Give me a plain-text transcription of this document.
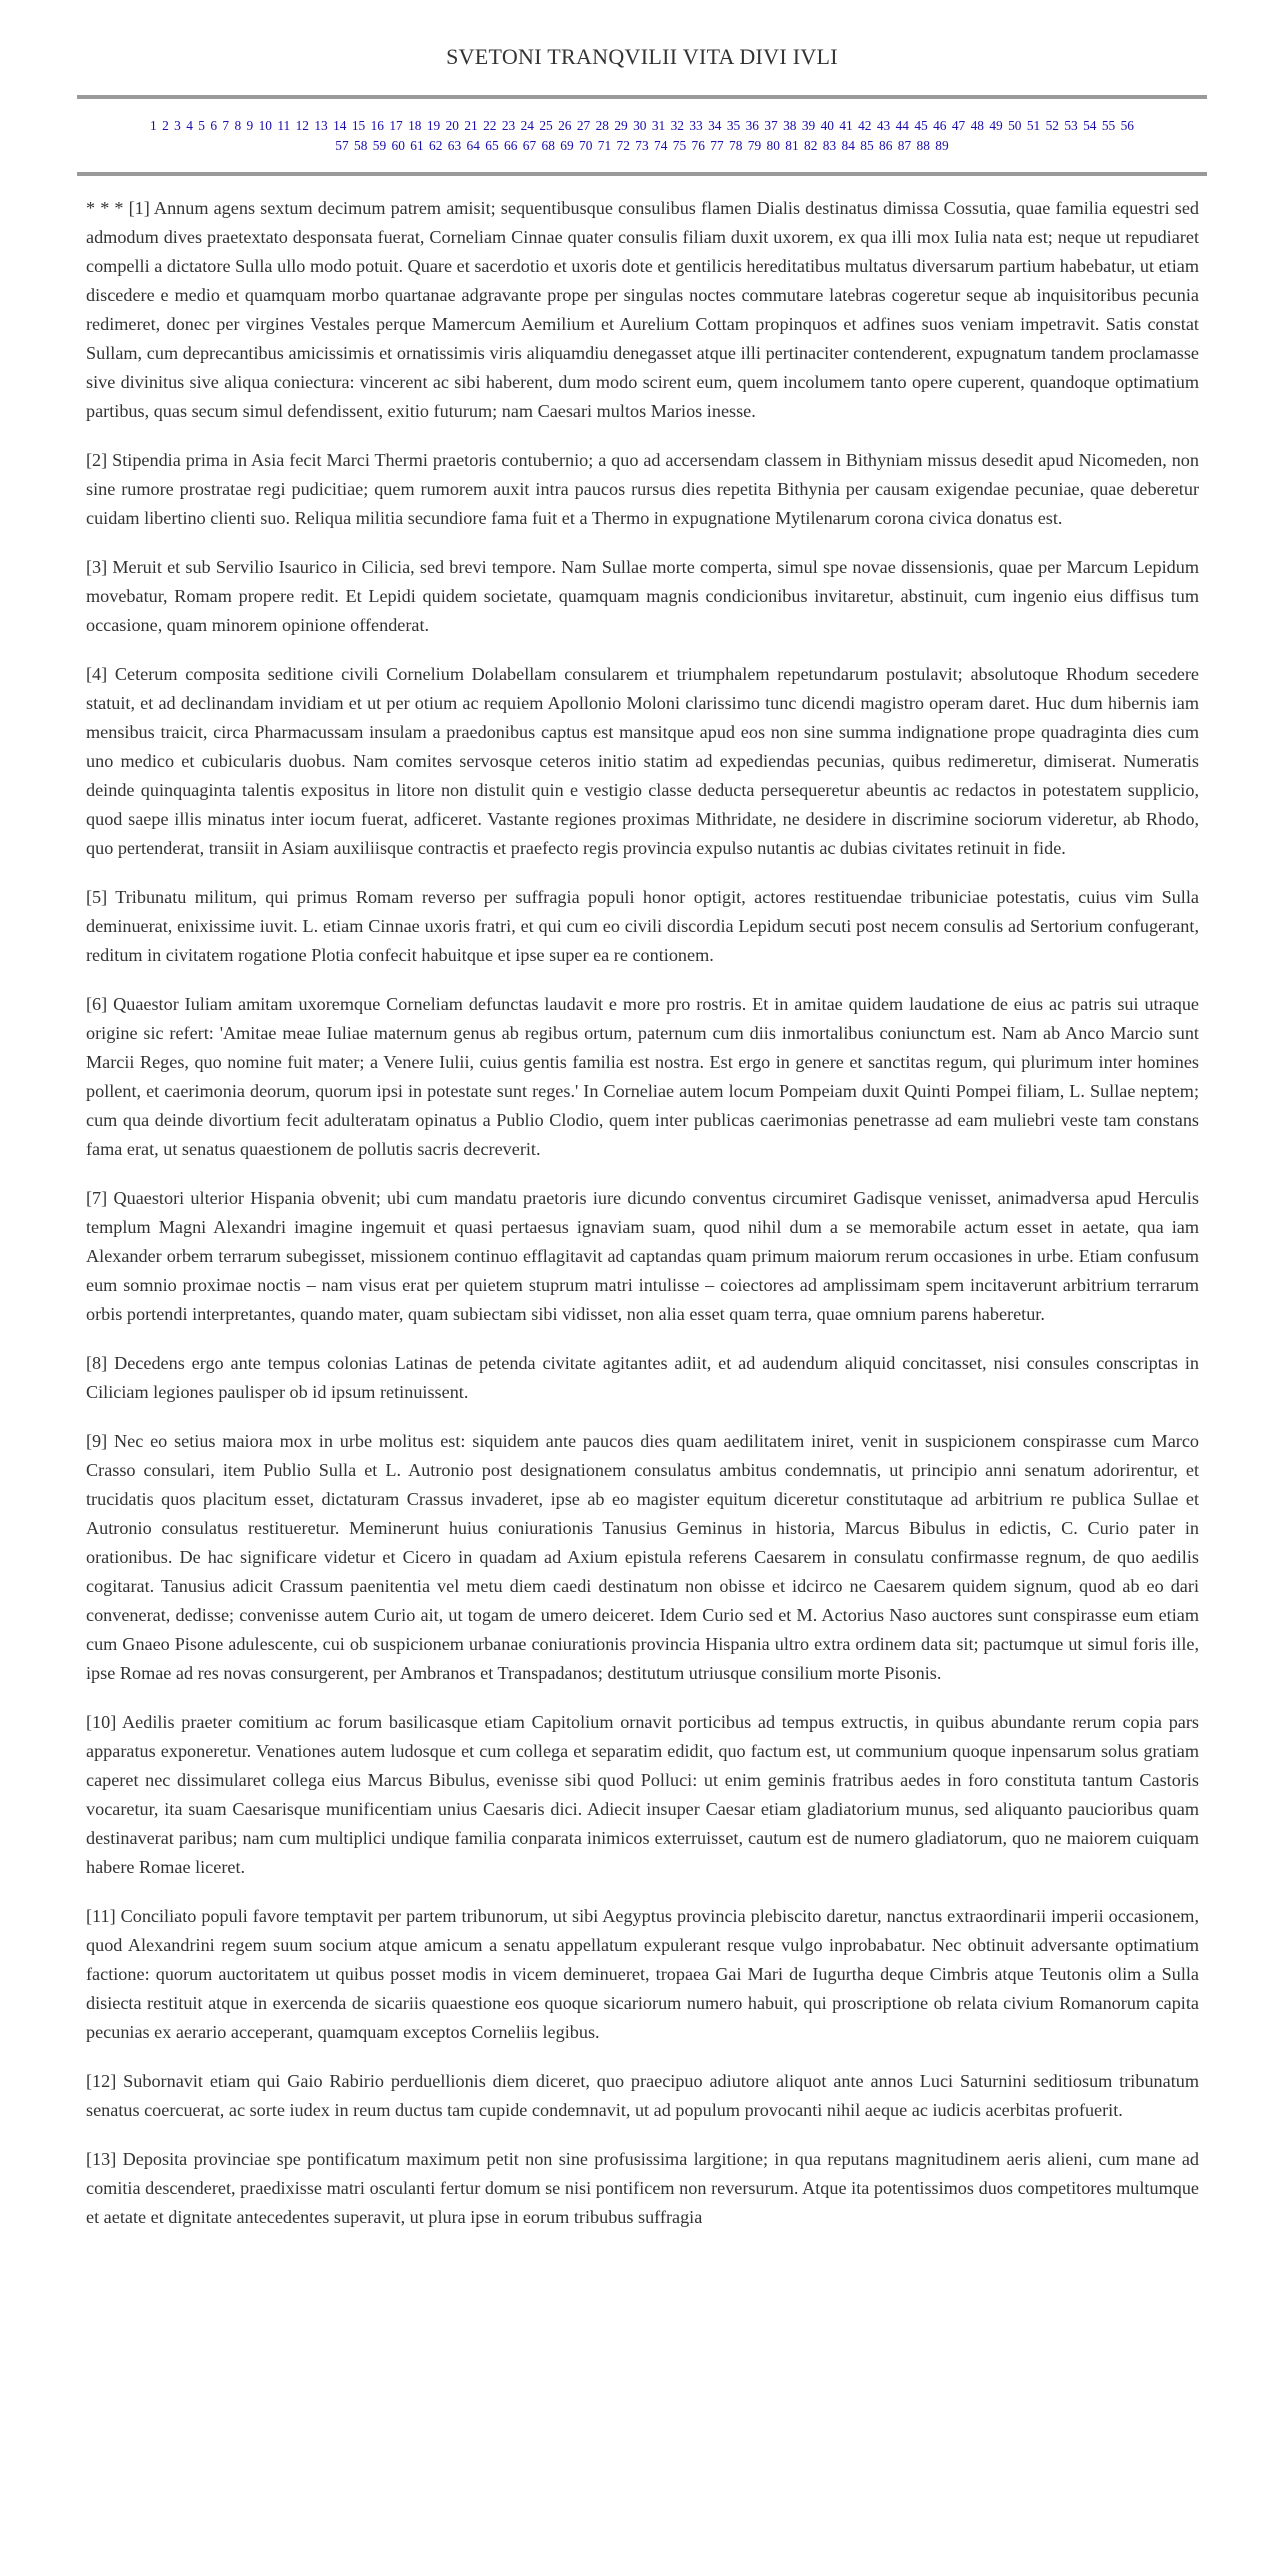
SVETONI TRANQVILII VITA DIVI IVLI
1 2 3 4 5 6 7 8 9 10 11 12 13 14 15 16 17 18 19 20 21 22 23 24 25 26 27 28 29 30 31 32 33 34 35 36 37 38 39 40 41 42 43 44 45 46 47 48 49 50 51 52 53 54 55 56
57 58 59 60 61 62 63 64 65 66 67 68 69 70 71 72 73 74 75 76 77 78 79 80 81 82 83 84 85 86 87 88 89

* * * [1] Annum agens sextum decimum patrem amisit; sequentibusque consulibus flamen Dialis destinatus dimissa Cossutia, quae familia equestri sed admodum dives praetextato desponsata fuerat, Corneliam Cinnae quater consulis filiam duxit uxorem, ex qua illi mox Iulia nata est; neque ut repudiaret compelli a dictatore Sulla ullo modo potuit. Quare et sacerdotio et uxoris dote et gentilicis hereditatibus multatus diversarum partium habebatur, ut etiam discedere e medio et quamquam morbo quartanae adgravante prope per singulas noctes commutare latebras cogeretur seque ab inquisitoribus pecunia redimeret, donec per virgines Vestales perque Mamercum Aemilium et Aurelium Cottam propinquos et adfines suos veniam impetravit. Satis constat Sullam, cum deprecantibus amicissimis et ornatissimis viris aliquamdiu denegasset atque illi pertinaciter contenderent, expugnatum tandem proclamasse sive divinitus sive aliqua coniectura: vincerent ac sibi haberent, dum modo scirent eum, quem incolumem tanto opere cuperent, quandoque optimatium partibus, quas secum simul defendissent, exitio futurum; nam Caesari multos Marios inesse.

[2] Stipendia prima in Asia fecit Marci Thermi praetoris contubernio; a quo ad accersendam classem in Bithyniam missus desedit apud Nicomeden, non sine rumore prostratae regi pudicitiae; quem rumorem auxit intra paucos rursus dies repetita Bithynia per causam exigendae pecuniae, quae deberetur cuidam libertino clienti suo. Reliqua militia secundiore fama fuit et a Thermo in expugnatione Mytilenarum corona civica donatus est.

[3] Meruit et sub Servilio Isaurico in Cilicia, sed brevi tempore. Nam Sullae morte comperta, simul spe novae dissensionis, quae per Marcum Lepidum movebatur, Romam propere redit. Et Lepidi quidem societate, quamquam magnis condicionibus invitaretur, abstinuit, cum ingenio eius diffisus tum occasione, quam minorem opinione offenderat.

[4] Ceterum composita seditione civili Cornelium Dolabellam consularem et triumphalem repetundarum postulavit; absolutoque Rhodum secedere statuit, et ad declinandam invidiam et ut per otium ac requiem Apollonio Moloni clarissimo tunc dicendi magistro operam daret. Huc dum hibernis iam mensibus traicit, circa Pharmacussam insulam a praedonibus captus est mansitque apud eos non sine summa indignatione prope quadraginta dies cum uno medico et cubicularis duobus. Nam comites servosque ceteros initio statim ad expediendas pecunias, quibus redimeretur, dimiserat. Numeratis deinde quinquaginta talentis expositus in litore non distulit quin e vestigio classe deducta persequeretur abeuntis ac redactos in potestatem supplicio, quod saepe illis minatus inter iocum fuerat, adficeret. Vastante regiones proximas Mithridate, ne desidere in discrimine sociorum videretur, ab Rhodo, quo pertenderat, transiit in Asiam auxiliisque contractis et praefecto regis provincia expulso nutantis ac dubias civitates retinuit in fide.

[5] Tribunatu militum, qui primus Romam reverso per suffragia populi honor optigit, actores restituendae tribuniciae potestatis, cuius vim Sulla deminuerat, enixissime iuvit. L. etiam Cinnae uxoris fratri, et qui cum eo civili discordia Lepidum secuti post necem consulis ad Sertorium confugerant, reditum in civitatem rogatione Plotia confecit habuitque et ipse super ea re contionem.

[6] Quaestor Iuliam amitam uxoremque Corneliam defunctas laudavit e more pro rostris. Et in amitae quidem laudatione de eius ac patris sui utraque origine sic refert: 'Amitae meae Iuliae maternum genus ab regibus ortum, paternum cum diis inmortalibus coniunctum est. Nam ab Anco Marcio sunt Marcii Reges, quo nomine fuit mater; a Venere Iulii, cuius gentis familia est nostra. Est ergo in genere et sanctitas regum, qui plurimum inter homines pollent, et caerimonia deorum, quorum ipsi in potestate sunt reges.' In Corneliae autem locum Pompeiam duxit Quinti Pompei filiam, L. Sullae neptem; cum qua deinde divortium fecit adulteratam opinatus a Publio Clodio, quem inter publicas caerimonias penetrasse ad eam muliebri veste tam constans fama erat, ut senatus quaestionem de pollutis sacris decreverit.

[7] Quaestori ulterior Hispania obvenit; ubi cum mandatu praetoris iure dicundo conventus circumiret Gadisque venisset, animadversa apud Herculis templum Magni Alexandri imagine ingemuit et quasi pertaesus ignaviam suam, quod nihil dum a se memorabile actum esset in aetate, qua iam Alexander orbem terrarum subegisset, missionem continuo efflagitavit ad captandas quam primum maiorum rerum occasiones in urbe. Etiam confusum eum somnio proximae noctis – nam visus erat per quietem stuprum matri intulisse – coiectores ad amplissimam spem incitaverunt arbitrium terrarum orbis portendi interpretantes, quando mater, quam subiectam sibi vidisset, non alia esset quam terra, quae omnium parens haberetur.

[8] Decedens ergo ante tempus colonias Latinas de petenda civitate agitantes adiit, et ad audendum aliquid concitasset, nisi consules conscriptas in Ciliciam legiones paulisper ob id ipsum retinuissent.

[9] Nec eo setius maiora mox in urbe molitus est: siquidem ante paucos dies quam aedilitatem iniret, venit in suspicionem conspirasse cum Marco Crasso consulari, item Publio Sulla et L. Autronio post designationem consulatus ambitus condemnatis, ut principio anni senatum adorirentur, et trucidatis quos placitum esset, dictaturam Crassus invaderet, ipse ab eo magister equitum diceretur constitutaque ad arbitrium re publica Sullae et Autronio consulatus restitueretur. Meminerunt huius coniurationis Tanusius Geminus in historia, Marcus Bibulus in edictis, C. Curio pater in orationibus. De hac significare videtur et Cicero in quadam ad Axium epistula referens Caesarem in consulatu confirmasse regnum, de quo aedilis cogitarat. Tanusius adicit Crassum paenitentia vel metu diem caedi destinatum non obisse et idcirco ne Caesarem quidem signum, quod ab eo dari convenerat, dedisse; convenisse autem Curio ait, ut togam de umero deiceret. Idem Curio sed et M. Actorius Naso auctores sunt conspirasse eum etiam cum Gnaeo Pisone adulescente, cui ob suspicionem urbanae coniurationis provincia Hispania ultro extra ordinem data sit; pactumque ut simul foris ille, ipse Romae ad res novas consurgerent, per Ambranos et Transpadanos; destitutum utriusque consilium morte Pisonis.

[10] Aedilis praeter comitium ac forum basilicasque etiam Capitolium ornavit porticibus ad tempus extructis, in quibus abundante rerum copia pars apparatus exponeretur. Venationes autem ludosque et cum collega et separatim edidit, quo factum est, ut communium quoque inpensarum solus gratiam caperet nec dissimularet collega eius Marcus Bibulus, evenisse sibi quod Polluci: ut enim geminis fratribus aedes in foro constituta tantum Castoris vocaretur, ita suam Caesarisque munificentiam unius Caesaris dici. Adiecit insuper Caesar etiam gladiatorium munus, sed aliquanto paucioribus quam destinaverat paribus; nam cum multiplici undique familia conparata inimicos exterruisset, cautum est de numero gladiatorum, quo ne maiorem cuiquam habere Romae liceret.

[11] Conciliato populi favore temptavit per partem tribunorum, ut sibi Aegyptus provincia plebiscito daretur, nanctus extraordinarii imperii occasionem, quod Alexandrini regem suum socium atque amicum a senatu appellatum expulerant resque vulgo inprobabatur. Nec obtinuit adversante optimatium factione: quorum auctoritatem ut quibus posset modis in vicem deminueret, tropaea Gai Mari de Iugurtha deque Cimbris atque Teutonis olim a Sulla disiecta restituit atque in exercenda de sicariis quaestione eos quoque sicariorum numero habuit, qui proscriptione ob relata civium Romanorum capita pecunias ex aerario acceperant, quamquam exceptos Corneliis legibus.

[12] Subornavit etiam qui Gaio Rabirio perduellionis diem diceret, quo praecipuo adiutore aliquot ante annos Luci Saturnini seditiosum tribunatum senatus coercuerat, ac sorte iudex in reum ductus tam cupide condemnavit, ut ad populum provocanti nihil aeque ac iudicis acerbitas profuerit.

[13] Deposita provinciae spe pontificatum maximum petit non sine profusissima largitione; in qua reputans magnitudinem aeris alieni, cum mane ad comitia descenderet, praedixisse matri osculanti fertur domum se nisi pontificem non reversurum. Atque ita potentissimos duos competitores multumque et aetate et dignitate antecedentes superavit, ut plura ipse in eorum tribubus suffragia
